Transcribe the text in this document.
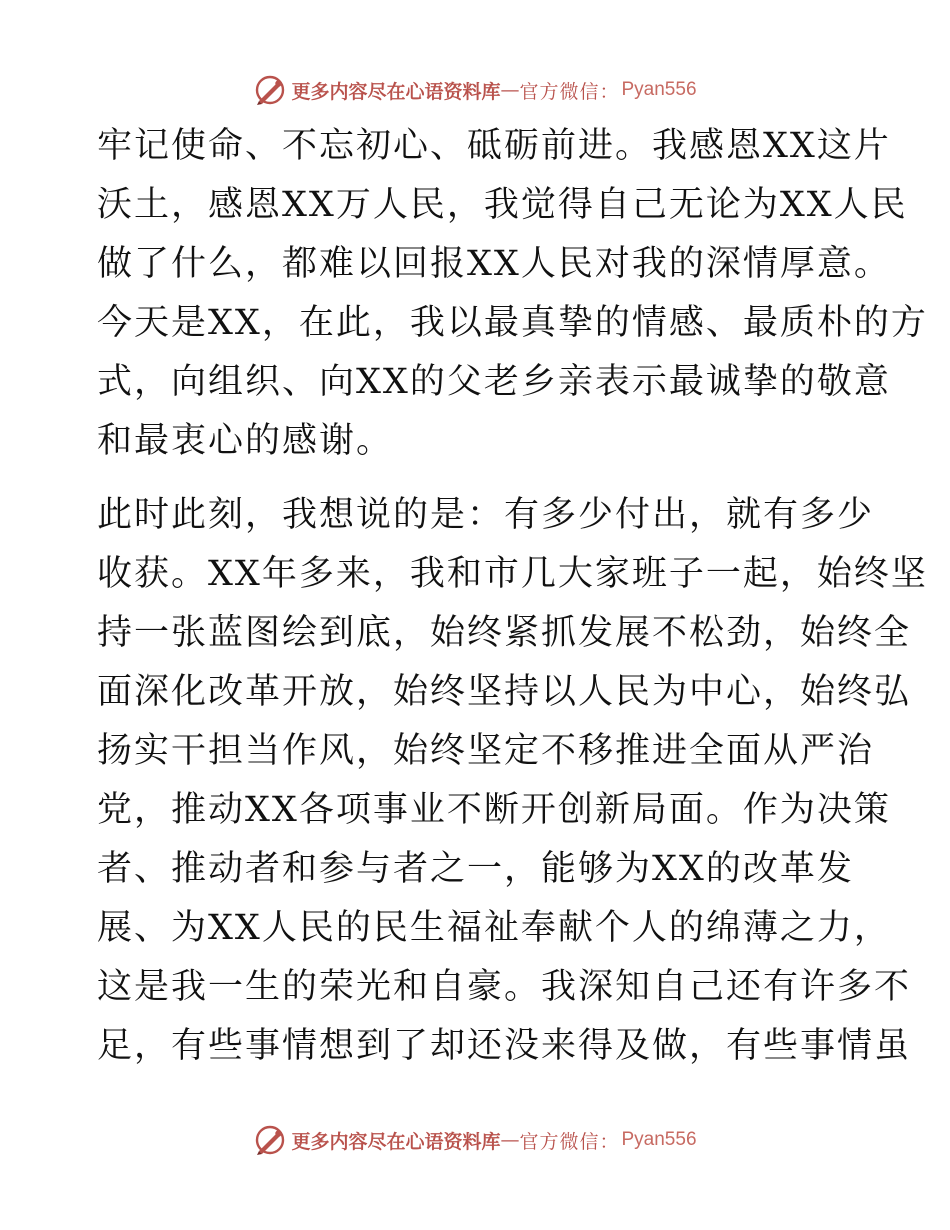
更多内容尽在心语资料库 — 官方微信： Pyan556

牢记使命、不忘初心、砥砺前进。我感恩XX这片

沃土，感恩XX万人民，我觉得自己无论为XX人民

做了什么，都难以回报XX人民对我的深情厚意。

今天是XX，在此，我以最真挚的情感、最质朴的方

式，向组织、向XX的父老乡亲表示最诚挚的敬意

和最衷心的感谢。

此时此刻，我想说的是：有多少付出，就有多少

收获。XX年多来，我和市几大家班子一起，始终坚

持一张蓝图绘到底，始终紧抓发展不松劲，始终全

面深化改革开放，始终坚持以人民为中心，始终弘

扬实干担当作风，始终坚定不移推进全面从严治

党，推动XX各项事业不断开创新局面。作为决策

者、推动者和参与者之一，能够为XX的改革发

展、为XX人民的民生福祉奉献个人的绵薄之力，

这是我一生的荣光和自豪。我深知自己还有许多不

足，有些事情想到了却还没来得及做，有些事情虽

更多内容尽在心语资料库 — 官方微信： Pyan556
